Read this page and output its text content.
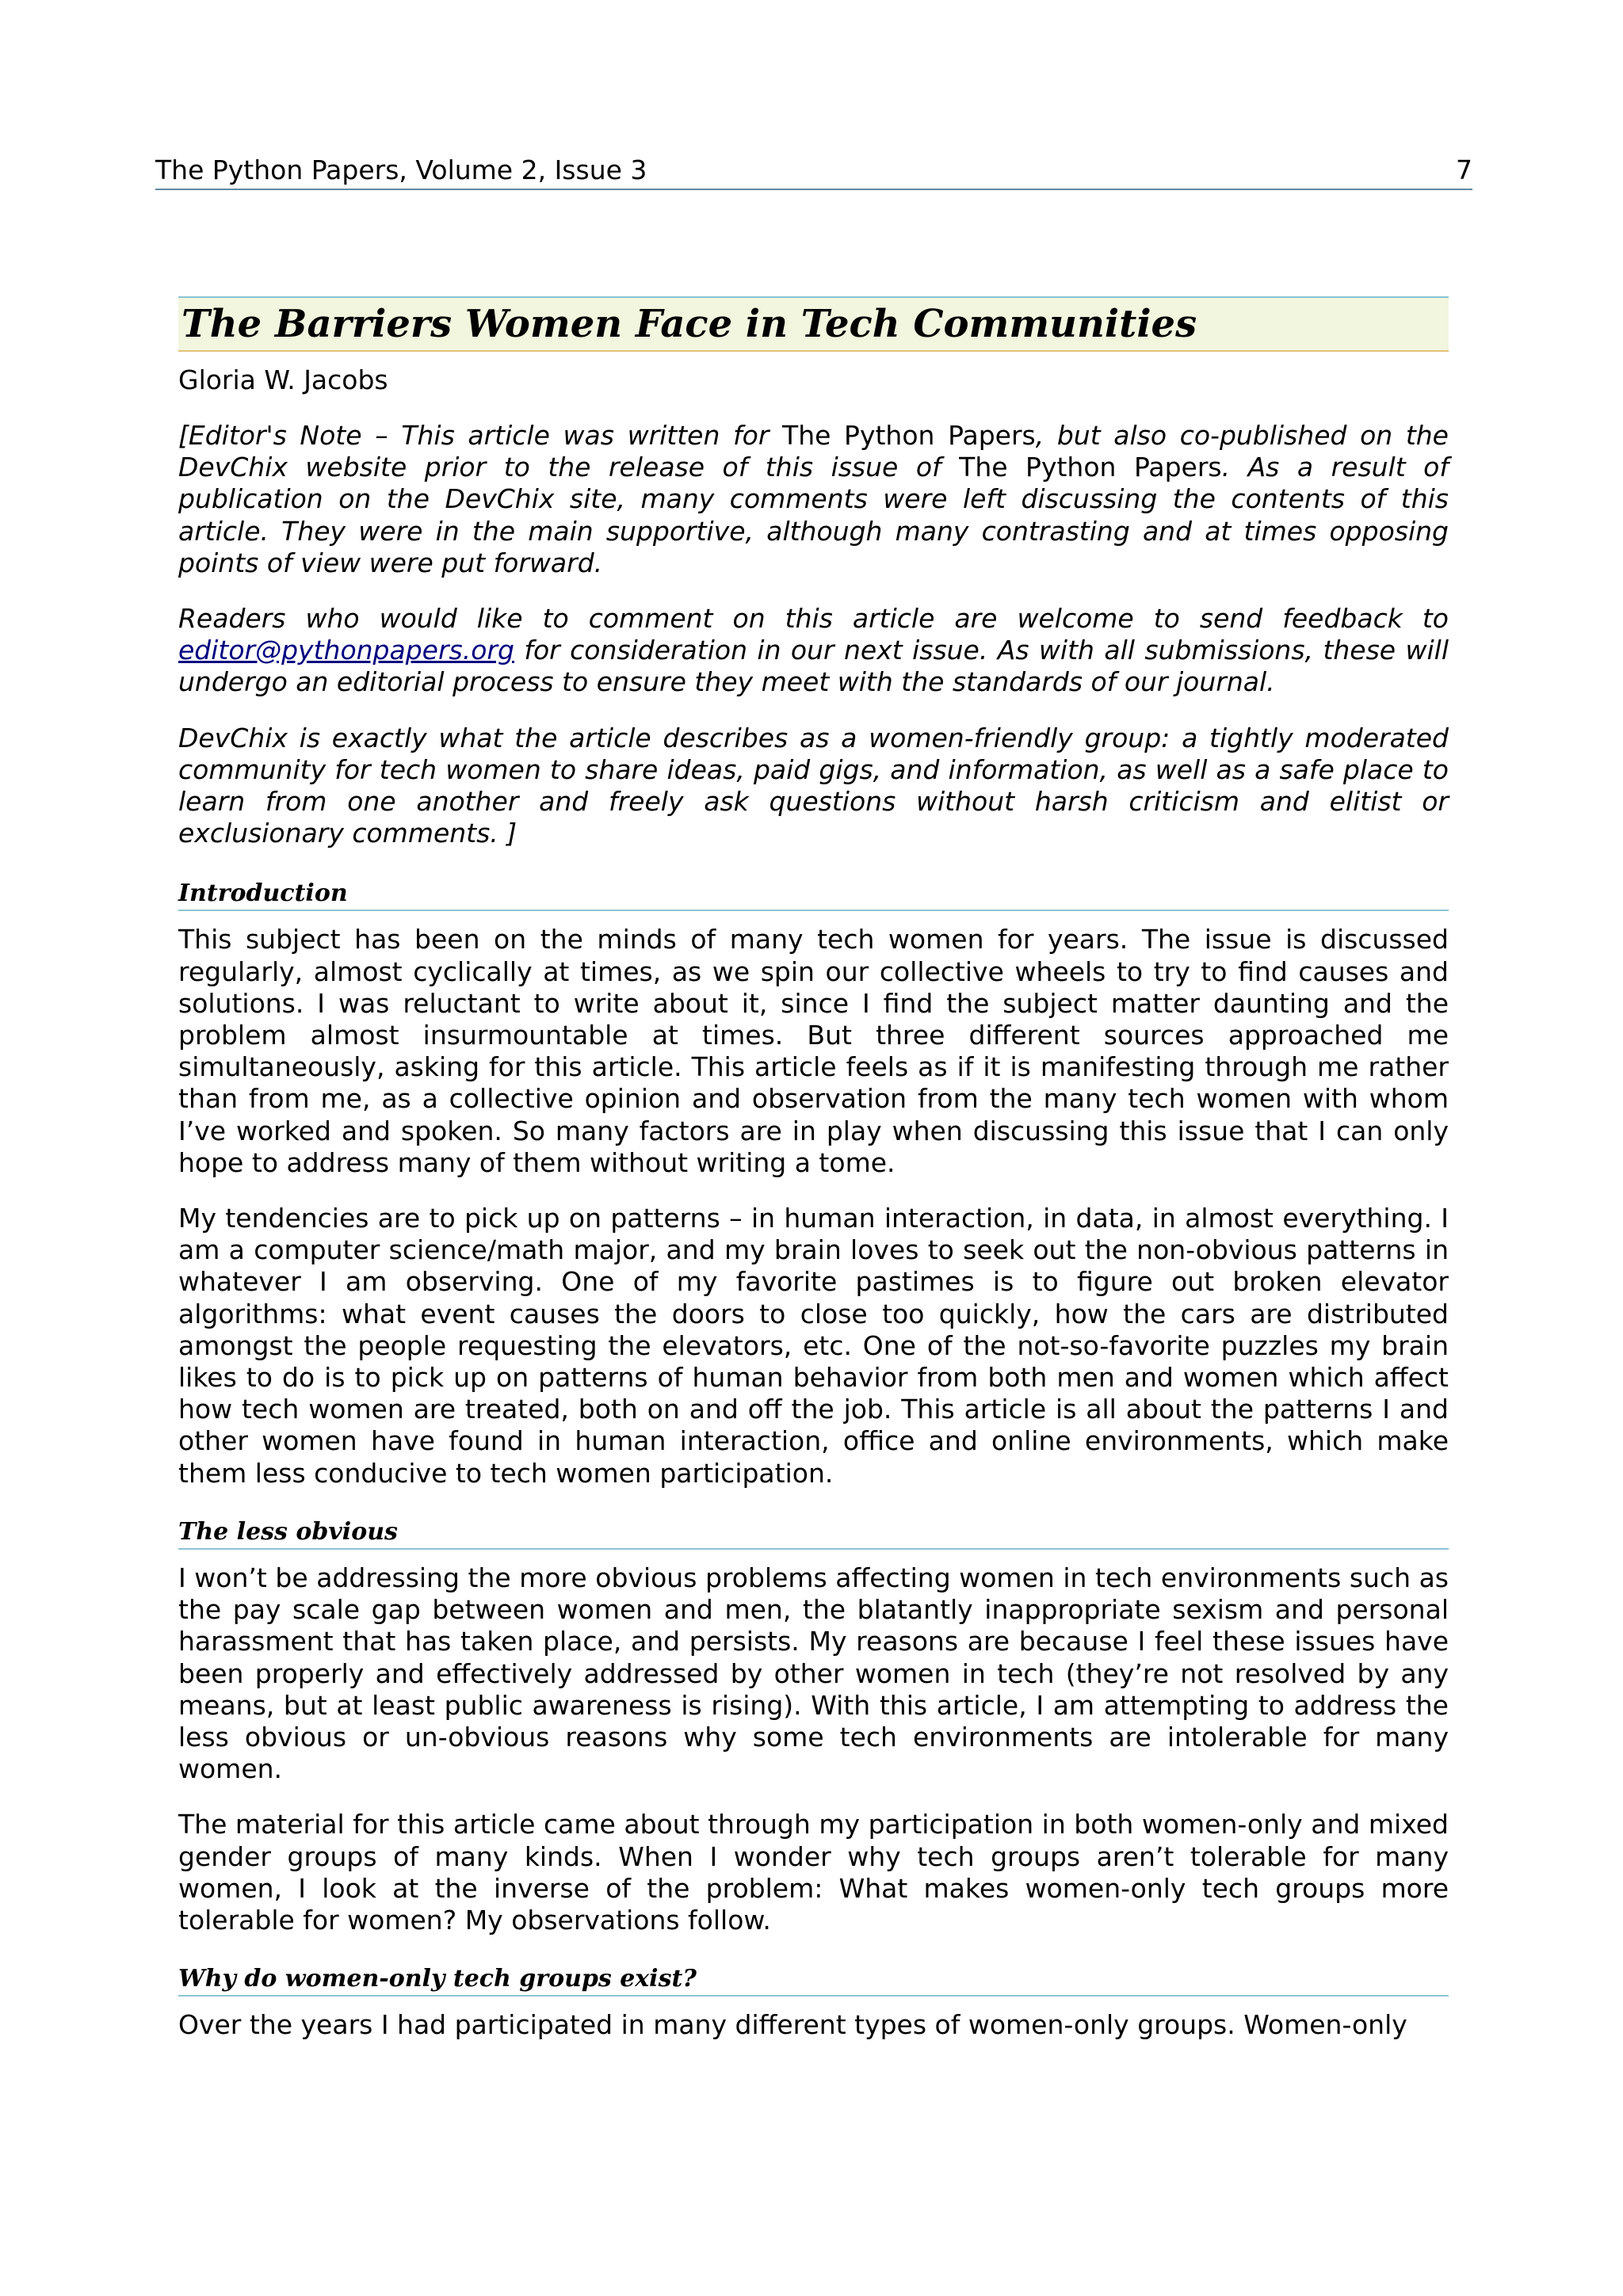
The Python Papers, Volume 2, Issue 3	7
The Barriers Women Face in Tech Communities
Gloria W. Jacobs

[Editor's Note – This article was written for The Python Papers, but also co-published on the DevChix website prior to the release of this issue of The Python Papers. As a result of publication on the DevChix site, many comments were left discussing the contents of this article. They were in the main supportive, although many contrasting and at times opposing points of view were put forward.

Readers who would like to comment on this article are welcome to send feedback to editor@pythonpapers.org for consideration in our next issue. As with all submissions, these will undergo an editorial process to ensure they meet with the standards of our journal.

DevChix is exactly what the article describes as a women-friendly group: a tightly moderated community for tech women to share ideas, paid gigs, and information, as well as a safe place to learn from one another and freely ask questions without harsh criticism and elitist or exclusionary comments. ]

Introduction

This subject has been on the minds of many tech women for years. The issue is discussed regularly, almost cyclically at times, as we spin our collective wheels to try to find causes and solutions. I was reluctant to write about it, since I find the subject matter daunting and the problem almost insurmountable at times. But three different sources approached me simultaneously, asking for this article. This article feels as if it is manifesting through me rather than from me, as a collective opinion and observation from the many tech women with whom I’ve worked and spoken. So many factors are in play when discussing this issue that I can only hope to address many of them without writing a tome.

My tendencies are to pick up on patterns – in human interaction, in data, in almost everything. I am a computer science/math major, and my brain loves to seek out the non-obvious patterns in whatever I am observing. One of my favorite pastimes is to figure out broken elevator algorithms: what event causes the doors to close too quickly, how the cars are distributed amongst the people requesting the elevators, etc. One of the not-so-favorite puzzles my brain likes to do is to pick up on patterns of human behavior from both men and women which affect how tech women are treated, both on and off the job. This article is all about the patterns I and other women have found in human interaction, office and online environments, which make them less conducive to tech women participation.

The less obvious

I won’t be addressing the more obvious problems affecting women in tech environments such as the pay scale gap between women and men, the blatantly inappropriate sexism and personal harassment that has taken place, and persists. My reasons are because I feel these issues have been properly and effectively addressed by other women in tech (they’re not resolved by any means, but at least public awareness is rising). With this article, I am attempting to address the less obvious or un-obvious reasons why some tech environments are intolerable for many women.

The material for this article came about through my participation in both women-only and mixed gender groups of many kinds. When I wonder why tech groups aren’t tolerable for many women, I look at the inverse of the problem: What makes women-only tech groups more tolerable for women? My observations follow.

Why do women-only tech groups exist?

Over the years I had participated in many different types of women-only groups. Women-only
